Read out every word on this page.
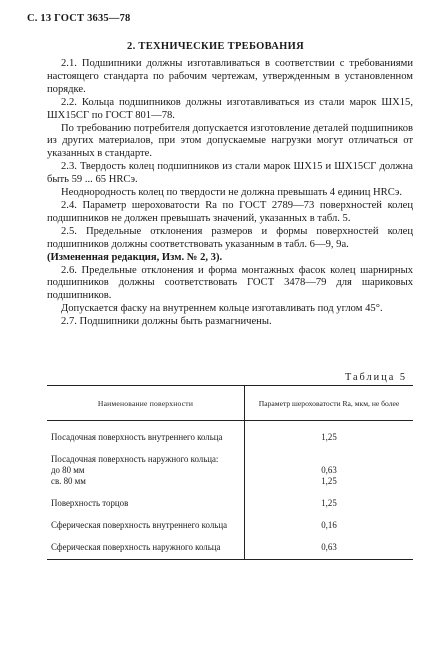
С. 13 ГОСТ 3635—78
2. ТЕХНИЧЕСКИЕ ТРЕБОВАНИЯ

2.1. Подшипники должны изготавливаться в соответствии с требованиями настоящего стандарта по рабочим чертежам, утвержденным в установленном порядке.

2.2. Кольца подшипников должны изготавливаться из стали марок ШХ15, ШХ15СГ по ГОСТ 801—78.

По требованию потребителя допускается изготовление деталей подшипников из других материалов, при этом допускаемые нагрузки могут отличаться от указанных в стандарте.

2.3. Твердость колец подшипников из стали марок ШХ15 и ШХ15СГ должна быть 59 ... 65 HRCэ.

Неоднородность колец по твердости не должна превышать 4 единиц HRCэ.

2.4. Параметр шероховатости Ra по ГОСТ 2789—73 поверхностей колец подшипников не должен превышать значений, указанных в табл. 5.

2.5. Предельные отклонения размеров и формы поверхностей колец подшипников должны соответствовать указанным в табл. 6—9, 9а.

(Измененная редакция, Изм. № 2, 3).

2.6. Предельные отклонения и форма монтажных фасок колец шарнирных подшипников должны соответствовать ГОСТ 3478—79 для шариковых подшипников.

Допускается фаску на внутреннем кольце изготавливать под углом 45°.

2.7. Подшипники должны быть размагничены.

Таблица 5
Наименование поверхности	Параметр шероховатости Ra, мкм, не более
Посадочная поверхность внутреннего кольца
Посадочная поверхность наружного кольца:
до 80 мм
св. 80 мм
Поверхность торцов
Сферическая поверхность внутреннего кольца
Сферическая поверхность наружного кольца
1,25
0,63
1,25
1,25
0,16
0,63
